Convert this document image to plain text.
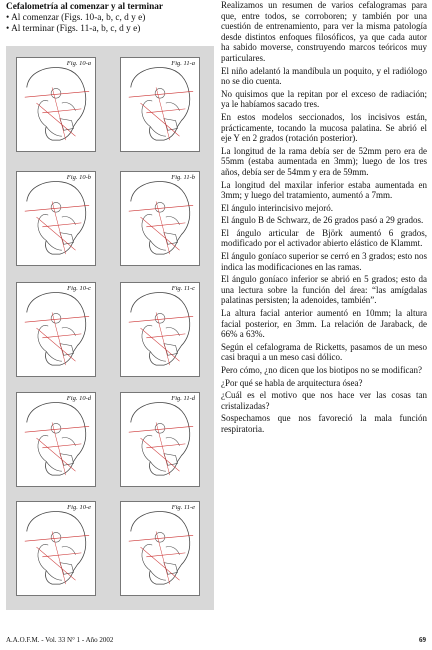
Cefalometría al comenzar y al terminar
• Al comenzar (Figs. 10-a, b, c, d y e)
• Al terminar (Figs. 11-a, b, c, d y e)
Fig. 10-a	Fig. 11-a
Fig. 10-b	Fig. 11-b
Fig. 10-c	Fig. 11-c
Fig. 10-d	Fig. 11-d
Fig. 10-e	Fig. 11-e

Realizamos un resumen de varios cefalogramas para que, entre todos, se corroboren; y también por una cuestión de entrenamiento, para ver la misma patología desde distintos enfoques filosóficos, ya que cada autor ha sabido moverse, construyendo marcos teóricos muy particulares.

El niño adelantó la mandíbula un poquito, y el radiólogo no se dio cuenta.

No quisimos que la repitan por el exceso de radiación; ya le habíamos sacado tres.

En estos modelos seccionados, los incisivos están, prácticamente, tocando la mucosa palatina. Se abrió el eje Y en 2 grados (rotación posterior).

La longitud de la rama debía ser de 52mm pero era de 55mm (estaba aumentada en 3mm); luego de los tres años, debía ser de 54mm y era de 59mm.

La longitud del maxilar inferior estaba aumentada en 3mm; y luego del tratamiento, aumentó a 7mm.

El ángulo interincisivo mejoró.

El ángulo B de Schwarz, de 26 grados pasó a 29 grados.

El ángulo articular de Björk aumentó 6 grados, modificado por el activador abierto elástico de Klammt.

El ángulo goníaco superior se cerró en 3 grados; esto nos indica las modificaciones en las ramas.

El ángulo goníaco inferior se abrió en 5 grados; esto da una lectura sobre la función del área: “las amígdalas palatinas persisten; la adenoides, también”.

La altura facial anterior aumentó en 10mm; la altura facial posterior, en 3mm. La relación de Jaraback, de 66% a 63%.

Según el cefalograma de Ricketts, pasamos de un meso casi braqui a un meso casi dólico.

Pero cómo, ¿no dicen que los biotipos no se modifican?

¿Por qué se habla de arquitectura ósea?

¿Cuál es el motivo que nos hace ver las cosas tan cristalizadas?

Sospechamos que nos favoreció la mala función respiratoria.

A.A.O.F.M. - Vol. 33 N° 1 - Año 2002	69
